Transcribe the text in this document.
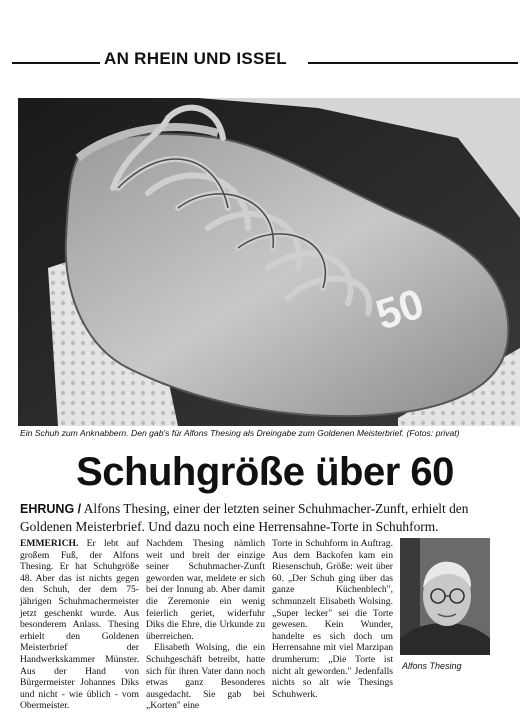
AN RHEIN UND ISSEL
50
Ein Schuh zum Anknabbern. Den gab's für Alfons Thesing als Dreingabe zum Goldenen Meisterbrief. (Fotos: privat)
Schuhgröße über 60
EHRUNG / Alfons Thesing, einer der letzten seiner Schuhmacher-Zunft, erhielt den Goldenen Meisterbrief. Und dazu noch eine Herrensahne-Torte in Schuhform.

EMMERICH. Er lebt auf großem Fuß, der Alfons Thesing. Er hat Schuhgröße 48. Aber das ist nichts gegen den Schuh, der dem 75-jährigen Schuhmachermeister jetzt geschenkt wurde. Aus besonderem Anlass. Thesing erhielt den Goldenen Meisterbrief der Handwerkskammer Münster. Aus der Hand von Bürgermeister Johannes Diks und nicht - wie üblich - vom Obermeister.

Nachdem Thesing nämlich weit und breit der einzige seiner Schuhmacher-Zunft geworden war, meldete er sich bei der Innung ab. Aber damit die Zeremonie ein wenig feierlich geriet, widerfuhr Diks die Ehre, die Urkunde zu überreichen.

Elisabeth Wolsing, die ein Schuhgeschäft betreibt, hatte sich für ihren Vater dann noch etwas ganz Besonderes ausgedacht. Sie gab bei „Korten" eine

Torte in Schuhform in Auftrag. Aus dem Backofen kam ein Riesenschuh, Größe: weit über 60. „Der Schuh ging über das ganze Küchenblech", schmunzelt Elisabeth Wolsing. „Super lecker" sei die Torte gewesen. Kein Wunder, handelte es sich doch um Herrensahne mit viel Marzipan drumherum: „Die Torte ist nicht alt geworden." Jedenfalls nichts so alt wie Thesings Schuhwerk.

Alfons Thesing
